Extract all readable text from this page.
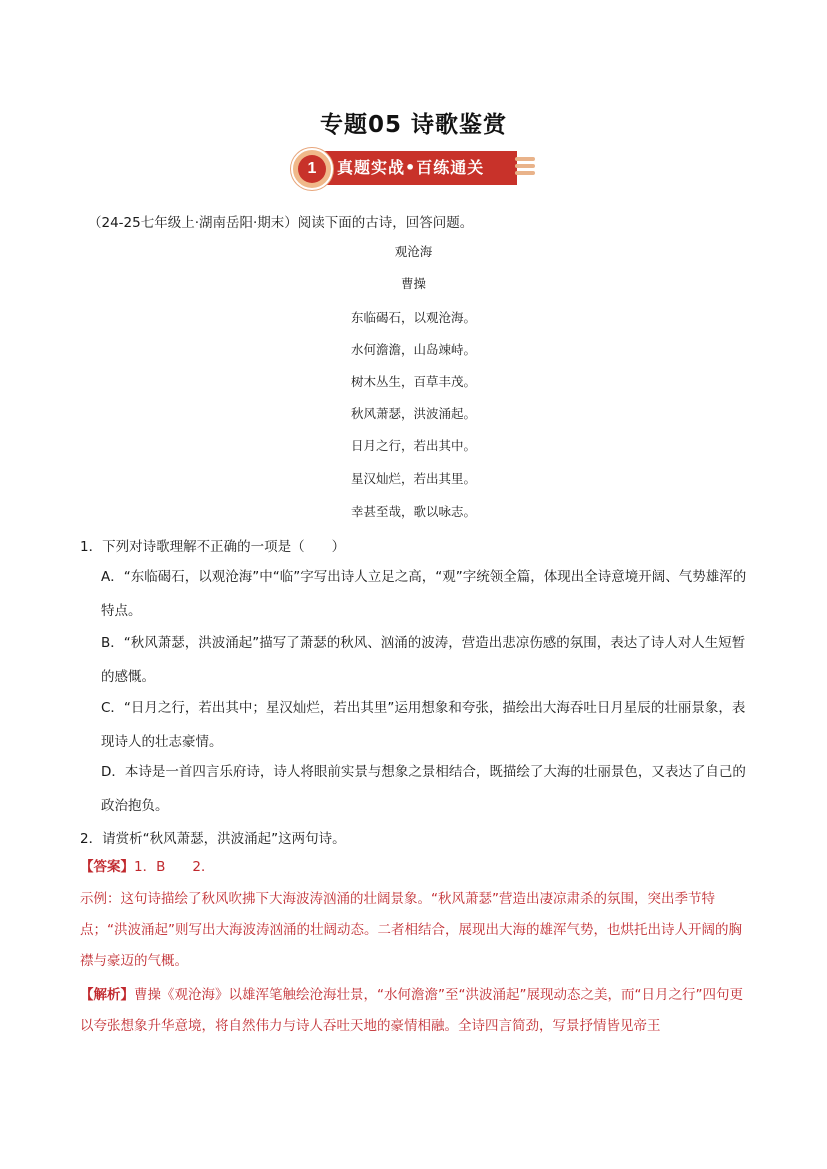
专题05 诗歌鉴赏
1	真题实战•百练通关
（24-25七年级上·湖南岳阳·期末）阅读下面的古诗，回答问题。
观沧海
曹操
东临碣石，以观沧海。
水何澹澹，山岛竦峙。
树木丛生，百草丰茂。
秋风萧瑟，洪波涌起。
日月之行，若出其中。
星汉灿烂，若出其里。
幸甚至哉，歌以咏志。
1．下列对诗歌理解不正确的一项是（　　）
A．“东临碣石，以观沧海”中“临”字写出诗人立足之高，“观”字统领全篇，体现出全诗意境开阔、气势雄浑的特点。
B．“秋风萧瑟，洪波涌起”描写了萧瑟的秋风、汹涌的波涛，营造出悲凉伤感的氛围，表达了诗人对人生短暂的感慨。
C．“日月之行，若出其中；星汉灿烂，若出其里”运用想象和夸张，描绘出大海吞吐日月星辰的壮丽景象，表现诗人的壮志豪情。
D．本诗是一首四言乐府诗，诗人将眼前实景与想象之景相结合，既描绘了大海的壮丽景色，又表达了自己的政治抱负。
2．请赏析“秋风萧瑟，洪波涌起”这两句诗。
【答案】1．B　　2．
示例：这句诗描绘了秋风吹拂下大海波涛汹涌的壮阔景象。“秋风萧瑟”营造出凄凉肃杀的氛围，突出季节特点；“洪波涌起”则写出大海波涛汹涌的壮阔动态。二者相结合，展现出大海的雄浑气势，也烘托出诗人开阔的胸襟与豪迈的气概。
【解析】曹操《观沧海》以雄浑笔触绘沧海壮景，“水何澹澹”至“洪波涌起”展现动态之美，而“日月之行”四句更以夸张想象升华意境，将自然伟力与诗人吞吐天地的豪情相融。全诗四言简劲，写景抒情皆见帝王
